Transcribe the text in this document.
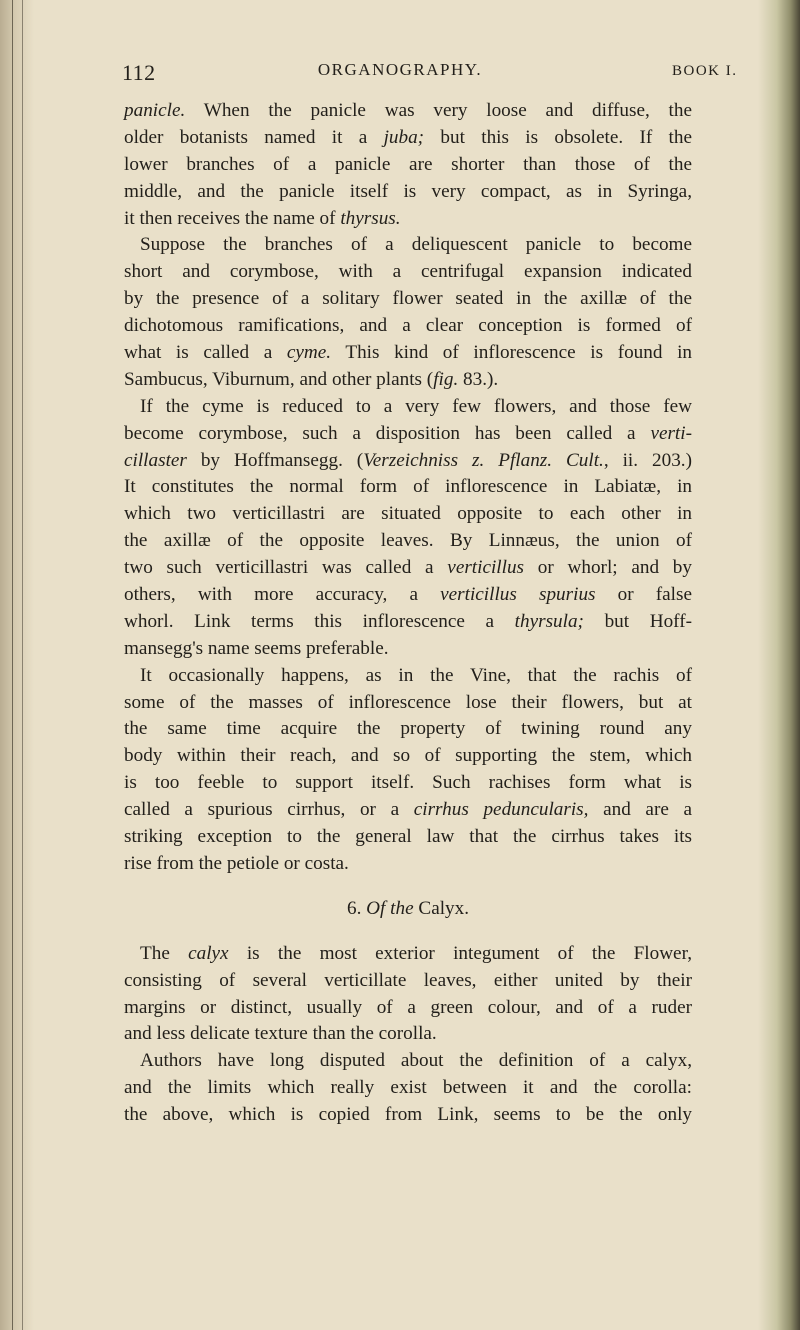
112	ORGANOGRAPHY.	BOOK I.
panicle. When the panicle was very loose and diffuse, the
older botanists named it a juba; but this is obsolete. If the
lower branches of a panicle are shorter than those of the
middle, and the panicle itself is very compact, as in Syringa,
it then receives the name of thyrsus.
Suppose the branches of a deliquescent panicle to become
short and corymbose, with a centrifugal expansion indicated
by the presence of a solitary flower seated in the axillæ of the
dichotomous ramifications, and a clear conception is formed of
what is called a cyme. This kind of inflorescence is found in
Sambucus, Viburnum, and other plants (fig. 83.).
If the cyme is reduced to a very few flowers, and those few
become corymbose, such a disposition has been called a verti-
cillaster by Hoffmansegg. (Verzeichniss z. Pflanz. Cult., ii. 203.)
It constitutes the normal form of inflorescence in Labiatæ, in
which two verticillastri are situated opposite to each other in
the axillæ of the opposite leaves. By Linnæus, the union of
two such verticillastri was called a verticillus or whorl; and by
others, with more accuracy, a verticillus spurius or false
whorl. Link terms this inflorescence a thyrsula; but Hoff-
mansegg's name seems preferable.
It occasionally happens, as in the Vine, that the rachis of
some of the masses of inflorescence lose their flowers, but at
the same time acquire the property of twining round any
body within their reach, and so of supporting the stem, which
is too feeble to support itself. Such rachises form what is
called a spurious cirrhus, or a cirrhus peduncularis, and are a
striking exception to the general law that the cirrhus takes its
rise from the petiole or costa.
6. Of the Calyx.
The calyx is the most exterior integument of the Flower,
consisting of several verticillate leaves, either united by their
margins or distinct, usually of a green colour, and of a ruder
and less delicate texture than the corolla.
Authors have long disputed about the definition of a calyx,
and the limits which really exist between it and the corolla:
the above, which is copied from Link, seems to be the only
